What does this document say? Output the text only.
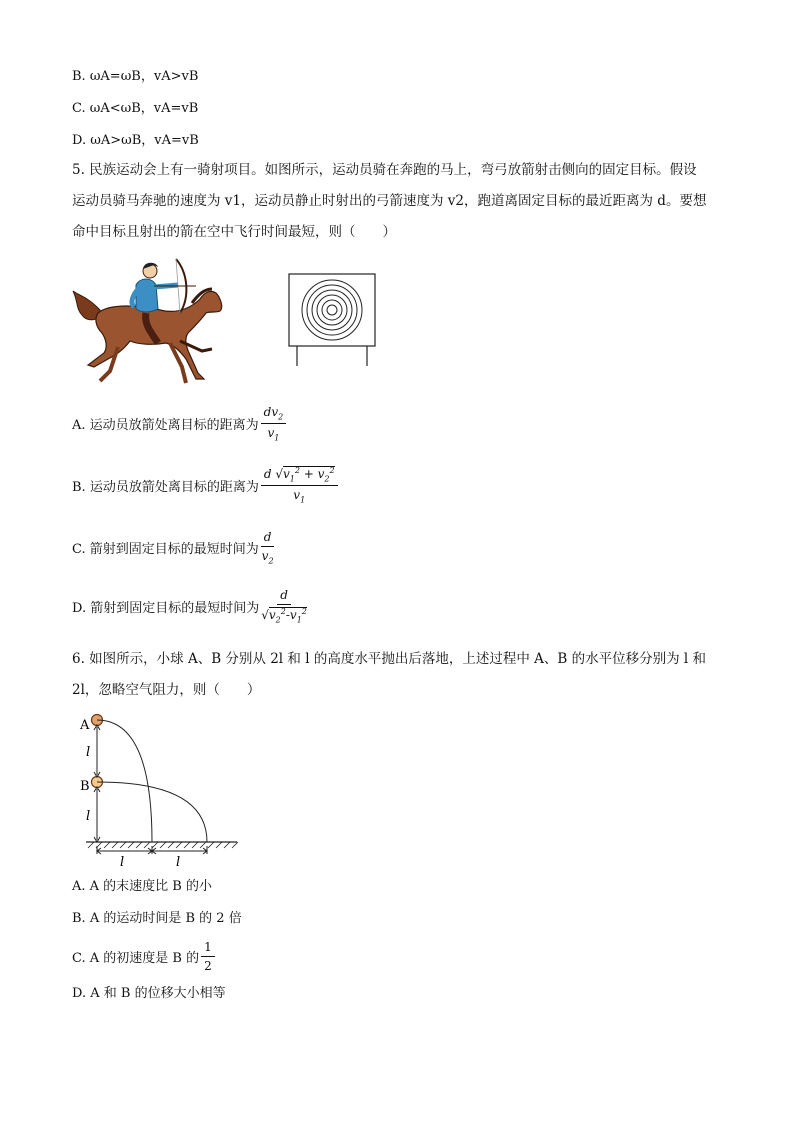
B. ωA=ωB，vA>vB
C. ωA<ωB，vA=vB
D. ωA>ωB，vA=vB
5. 民族运动会上有一骑射项目。如图所示，运动员骑在奔跑的马上，弯弓放箭射击侧向的固定目标。假设
运动员骑马奔驰的速度为 v1，运动员静止时射出的弓箭速度为 v2，跑道离固定目标的最近距离为 d。要想
命中目标且射出的箭在空中飞行时间最短，则（　　）
A. 运动员放箭处离目标的距离为 $\frac{dv_2}{v_1}$
B. 运动员放箭处离目标的距离为 $\frac{d √v_1^2 + v_2^2}{v_1}$
C. 箭射到固定目标的最短时间为 $\frac{d}{v_2}$
D. 箭射到固定目标的最短时间为 $\frac{d}{√v_2^2-v_1^2}$
6. 如图所示，小球 A、B 分别从 2l 和 l 的高度水平抛出后落地，上述过程中 A、B 的水平位移分别为 l 和
2l，忽略空气阻力，则（　　）
A
B
l
l
l	l
A. A 的末速度比 B 的小
B. A 的运动时间是 B 的 2 倍
C. A 的初速度是 B 的 $\frac{1}{2}$
D. A 和 B 的位移大小相等
